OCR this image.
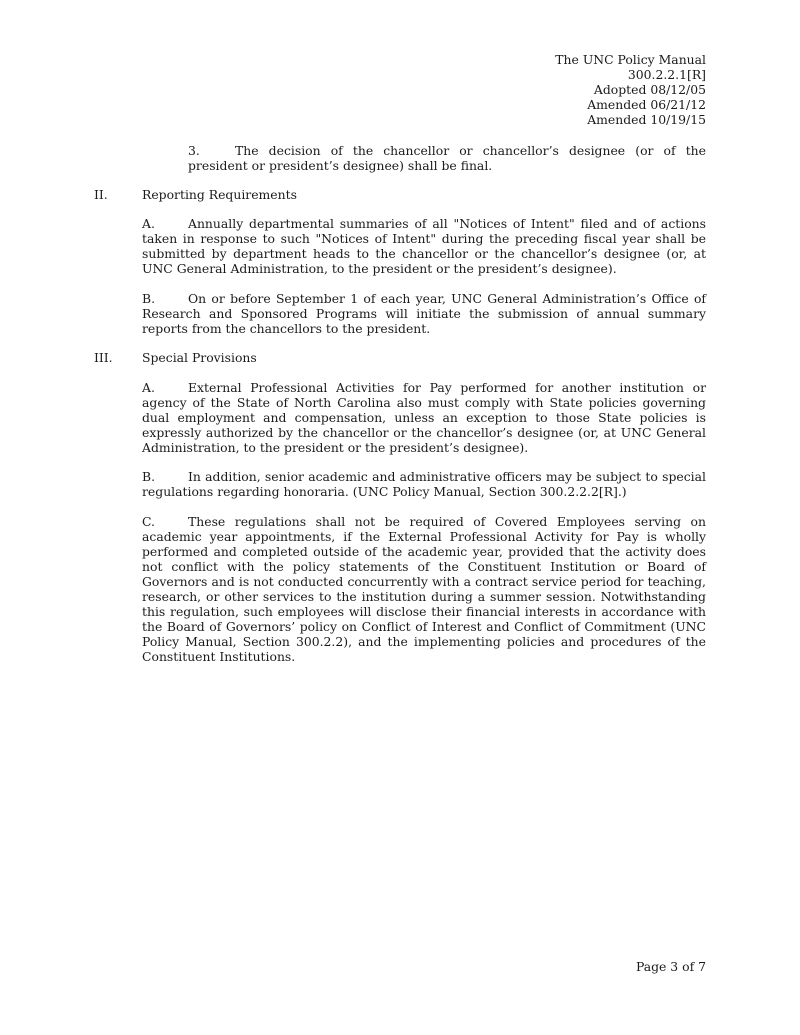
The UNC Policy Manual
300.2.2.1[R]
Adopted 08/12/05
Amended 06/21/12
Amended 10/19/15
3.	The decision of the chancellor or chancellor’s designee (or of the president or president’s designee) shall be final.
II.	Reporting Requirements
A.	Annually departmental summaries of all "Notices of Intent" filed and of actions taken in response to such "Notices of Intent" during the preceding fiscal year shall be submitted by department heads to the chancellor or the chancellor’s designee (or, at UNC General Administration, to the president or the president’s designee).
B.	On or before September 1 of each year, UNC General Administration’s Office of Research and Sponsored Programs will initiate the submission of annual summary reports from the chancellors to the president.
III. Special Provisions
A.	External Professional Activities for Pay performed for another institution or agency of the State of North Carolina also must comply with State policies governing dual employment and compensation, unless an exception to those State policies is expressly authorized by the chancellor or the chancellor’s designee (or, at UNC General Administration, to the president or the president’s designee).
B.	In addition, senior academic and administrative officers may be subject to special regulations regarding honoraria. (UNC Policy Manual, Section 300.2.2.2[R].)
C.	These regulations shall not be required of Covered Employees serving on academic year appointments, if the External Professional Activity for Pay is wholly performed and completed outside of the academic year, provided that the activity does not conflict with the policy statements of the Constituent Institution or Board of Governors and is not conducted concurrently with a contract service period for teaching, research, or other services to the institution during a summer session. Notwithstanding this regulation, such employees will disclose their financial interests in accordance with the Board of Governors’ policy on Conflict of Interest and Conflict of Commitment (UNC Policy Manual, Section 300.2.2), and the implementing policies and procedures of the Constituent Institutions.
Page 3 of 7
